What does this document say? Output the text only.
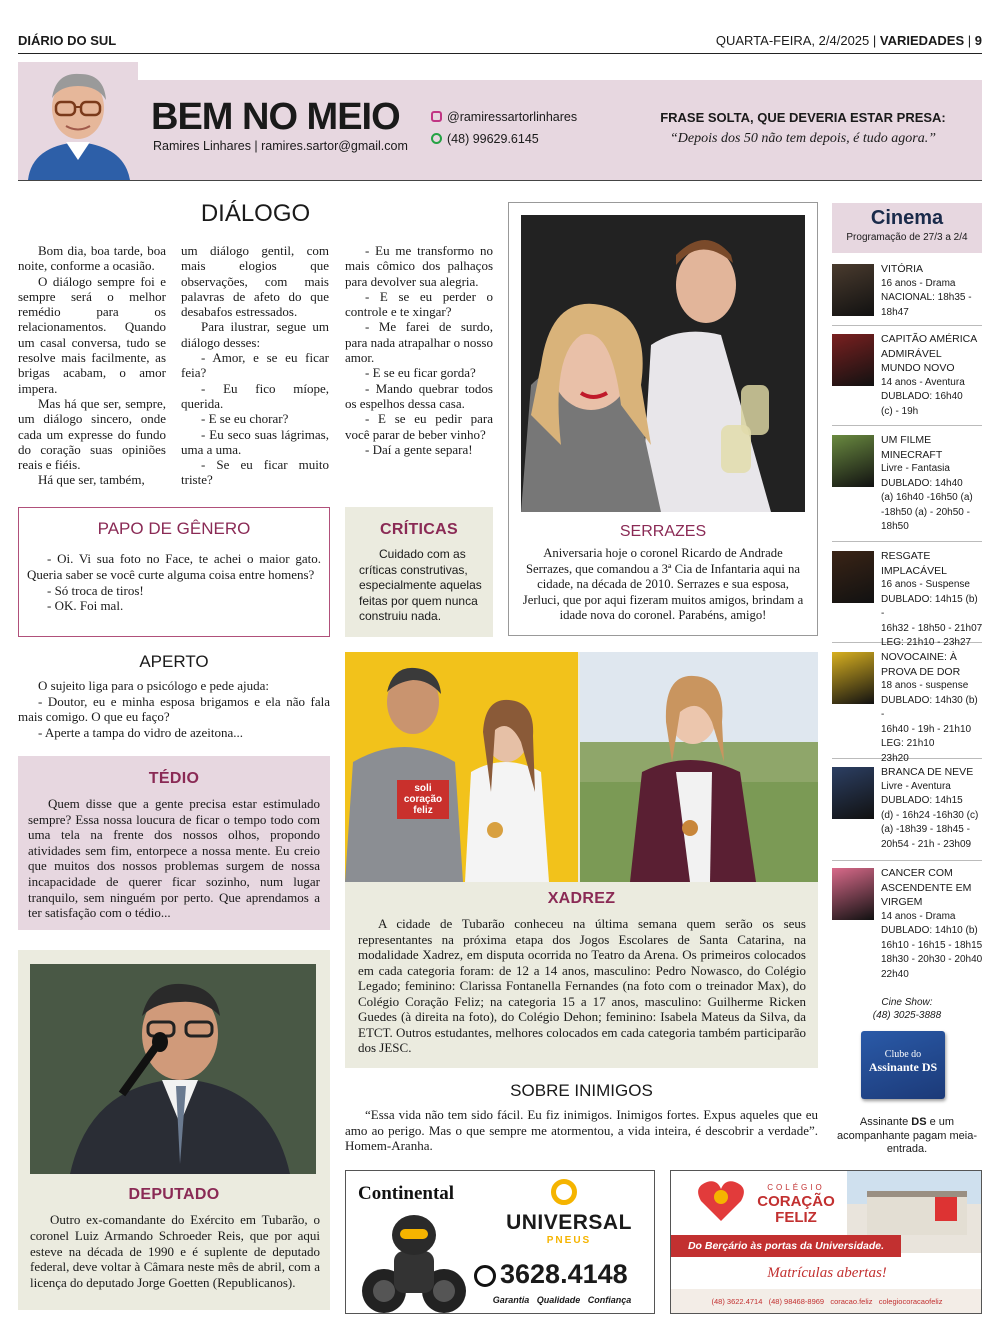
DIÁRIO DO SUL	QUARTA-FEIRA, 2/4/2025 | VARIEDADES | 9
BEM NO MEIO
Ramires Linhares | ramires.sartor@gmail.com
@ramiressartorlinhares
(48) 99629.6145
FRASE SOLTA, QUE DEVERIA ESTAR PRESA:
“Depois dos 50 não tem depois, é tudo agora.”
DIÁLOGO

Bom dia, boa tarde, boa noite, conforme a ocasião.

O diálogo sempre foi e sempre será o melhor remédio para os relacionamentos. Quando um casal conversa, tudo se resolve mais facilmente, as brigas acabam, o amor impera.

Mas há que ser, sempre, um diálogo sincero, onde cada um expresse do fundo do coração suas opiniões reais e fiéis.

Há que ser, também,

um diálogo gentil, com mais elogios que observações, com mais palavras de afeto do que desabafos estressados.

Para ilustrar, segue um diálogo desses:

- Amor, e se eu ficar feia?

- Eu fico míope, querida.

- E se eu chorar?

- Eu seco suas lágrimas, uma a uma.

- Se eu ficar muito triste?

- Eu me transformo no mais cômico dos palhaços para devolver sua alegria.

- E se eu perder o controle e te xingar?

- Me farei de surdo, para nada atrapalhar o nosso amor.

- E se eu ficar gorda?

- Mando quebrar todos os espelhos dessa casa.

- E se eu pedir para você parar de beber vinho?

- Daí a gente separa!

SERRAZES
Aniversaria hoje o coronel Ricardo de Andrade Serrazes, que comandou a 3ª Cia de Infantaria aqui na cidade, na década de 2010. Serrazes e sua esposa, Jerluci, que por aqui fizeram muitos amigos, brindam a idade nova do coronel. Parabéns, amigo!
PAPO DE GÊNERO

- Oi. Vi sua foto no Face, te achei o maior gato. Queria saber se você curte alguma coisa entre homens?

- Só troca de tiros!

- OK. Foi mal.

CRÍTICAS
Cuidado com as críticas construtivas, especialmente aquelas feitas por quem nunca construiu nada.
APERTO

O sujeito liga para o psicólogo e pede ajuda:

- Doutor, eu e minha esposa brigamos e ela não fala mais comigo. O que eu faço?

- Aperte a tampa do vidro de azeitona...

TÉDIO

Quem disse que a gente precisa estar estimulado sempre? Essa nossa loucura de ficar o tempo todo com uma tela na frente dos nossos olhos, propondo atividades sem fim, entorpece a nossa mente. Eu creio que muitos dos nossos problemas surgem de nossa incapacidade de querer ficar sozinho, num lugar tranquilo, sem ninguém por perto. Que aprendamos a ter satisfação com o tédio...

DEPUTADO

Outro ex-comandante do Exército em Tubarão, o coronel Luiz Armando Schroeder Reis, que por aqui esteve na década de 1990 e é suplente de deputado federal, deve voltar à Câmara neste mês de abril, com a licença do deputado Jorge Goetten (Republicanos).

soli
coração
feliz
XADREZ

A cidade de Tubarão conheceu na última semana quem serão os seus representantes na próxima etapa dos Jogos Escolares de Santa Catarina, na modalidade Xadrez, em disputa ocorrida no Teatro da Arena. Os primeiros colocados em cada categoria foram: de 12 a 14 anos, masculino: Pedro Nowasco, do Colégio Legado; feminino: Clarissa Fontanella Fernandes (na foto com o treinador Max), do Colégio Coração Feliz; na categoria 15 a 17 anos, masculino: Guilherme Ricken Guedes (à direita na foto), do Colégio Dehon; feminino: Isabela Mateus da Silva, da ETCT. Outros estudantes, melhores colocados em cada categoria também participarão dos JESC.

SOBRE INIMIGOS

“Essa vida não tem sido fácil. Eu fiz inimigos. Inimigos fortes. Expus aqueles que eu amo ao perigo. Mas o que sempre me atormentou, a vida inteira, é descobrir a verdade”. Homem-Aranha.

Cinema
Programação de 27/3 a 2/4
VITÓRIA
16 anos - Drama
NACIONAL: 18h35 -
18h47
CAPITÃO AMÉRICA ADMIRÁVEL MUNDO NOVO
14 anos - Aventura
DUBLADO: 16h40
(c) - 19h
UM FILME MINECRAFT
Livre - Fantasia
DUBLADO: 14h40
(a) 16h40 -16h50 (a)
-18h50 (a) - 20h50 -
18h50
RESGATE IMPLACÁVEL
16 anos - Suspense
DUBLADO: 14h15 (b) -
16h32 - 18h50 - 21h07
LEG: 21h10 - 23h27
NOVOCAINE: À PROVA DE DOR
18 anos - suspense
DUBLADO: 14h30 (b) -
16h40 - 19h - 21h10
LEG: 21h10
23h20
BRANCA DE NEVE
Livre - Aventura
DUBLADO: 14h15
(d) - 16h24 -16h30 (c)
(a) -18h39 - 18h45 -
20h54 - 21h - 23h09
CANCER COM ASCENDENTE EM VIRGEM
14 anos - Drama
DUBLADO: 14h10 (b)
16h10 - 16h15 - 18h15
18h30 - 20h30 - 20h40
22h40
Cine Show:
(48) 3025-3888
Clube do
Assinante DS
Assinante DS e um acompanhante pagam meia-entrada.
Continental
UNIVERSAL
PNEUS
3628.4148
Garantia   Qualidade   Confiança
COLÉGIO
CORAÇÃO
FELIZ
Do Berçário às portas da Universidade.
Matrículas abertas!
(48) 3622.4714   (48) 98468-8969   coracao.feliz   colegiocoracaofeliz
